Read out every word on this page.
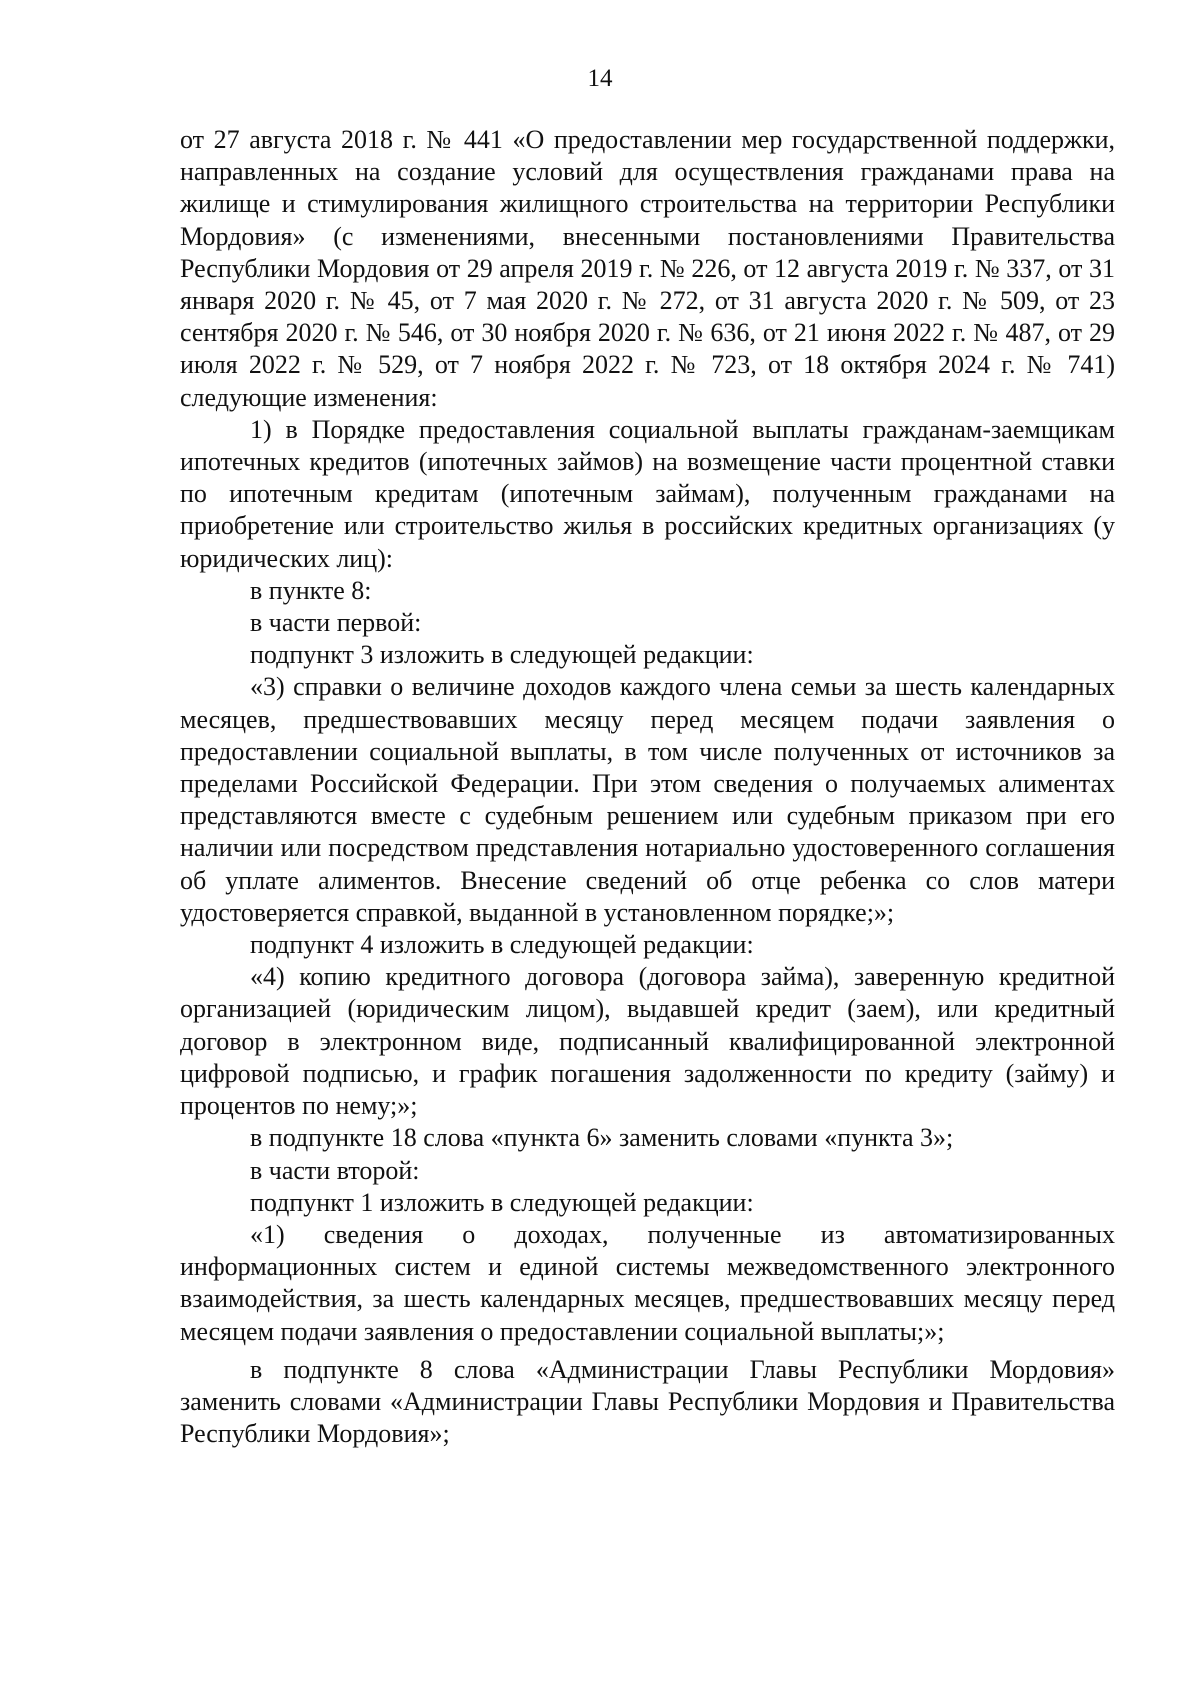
14

от 27 августа 2018 г. № 441 «О предоставлении мер государственной поддержки, направленных на создание условий для осуществления гражданами права на жилище и стимулирования жилищного строительства на территории Республики Мордовия» (с изменениями, внесенными постановлениями Правительства Республики Мордовия от 29 апреля 2019 г. № 226, от 12 августа 2019 г. № 337, от 31 января 2020 г. № 45, от 7 мая 2020 г. № 272, от 31 августа 2020 г. № 509, от 23 сентября 2020 г. № 546, от 30 ноября 2020 г. № 636, от 21 июня 2022 г. № 487, от 29 июля 2022 г. № 529, от 7 ноября 2022 г. № 723, от 18 октября 2024 г. № 741) следующие изменения:

1) в Порядке предоставления социальной выплаты гражданам-заемщикам ипотечных кредитов (ипотечных займов) на возмещение части процентной ставки по ипотечным кредитам (ипотечным займам), полученным гражданами на приобретение или строительство жилья в российских кредитных организациях (у юридических лиц):

в пункте 8:

в части первой:

подпункт 3 изложить в следующей редакции:

«3) справки о величине доходов каждого члена семьи за шесть календарных месяцев, предшествовавших месяцу перед месяцем подачи заявления о предоставлении социальной выплаты, в том числе полученных от источников за пределами Российской Федерации. При этом сведения о получаемых алиментах представляются вместе с судебным решением или судебным приказом при его наличии или посредством представления нотариально удостоверенного соглашения об уплате алиментов. Внесение сведений об отце ребенка со слов матери удостоверяется справкой, выданной в установленном порядке;»;

подпункт 4 изложить в следующей редакции:

«4) копию кредитного договора (договора займа), заверенную кредитной организацией (юридическим лицом), выдавшей кредит (заем), или кредитный договор в электронном виде, подписанный квалифицированной электронной цифровой подписью, и график погашения задолженности по кредиту (займу) и процентов по нему;»;

в подпункте 18 слова «пункта 6» заменить словами «пункта 3»;

в части второй:

подпункт 1 изложить в следующей редакции:

«1) сведения о доходах, полученные из автоматизированных информационных систем и единой системы межведомственного электронного взаимодействия, за шесть календарных месяцев, предшествовавших месяцу перед месяцем подачи заявления о предоставлении социальной выплаты;»;

в подпункте 8 слова «Администрации Главы Республики Мордовия» заменить словами «Администрации Главы Республики Мордовия и Правительства Республики Мордовия»;
